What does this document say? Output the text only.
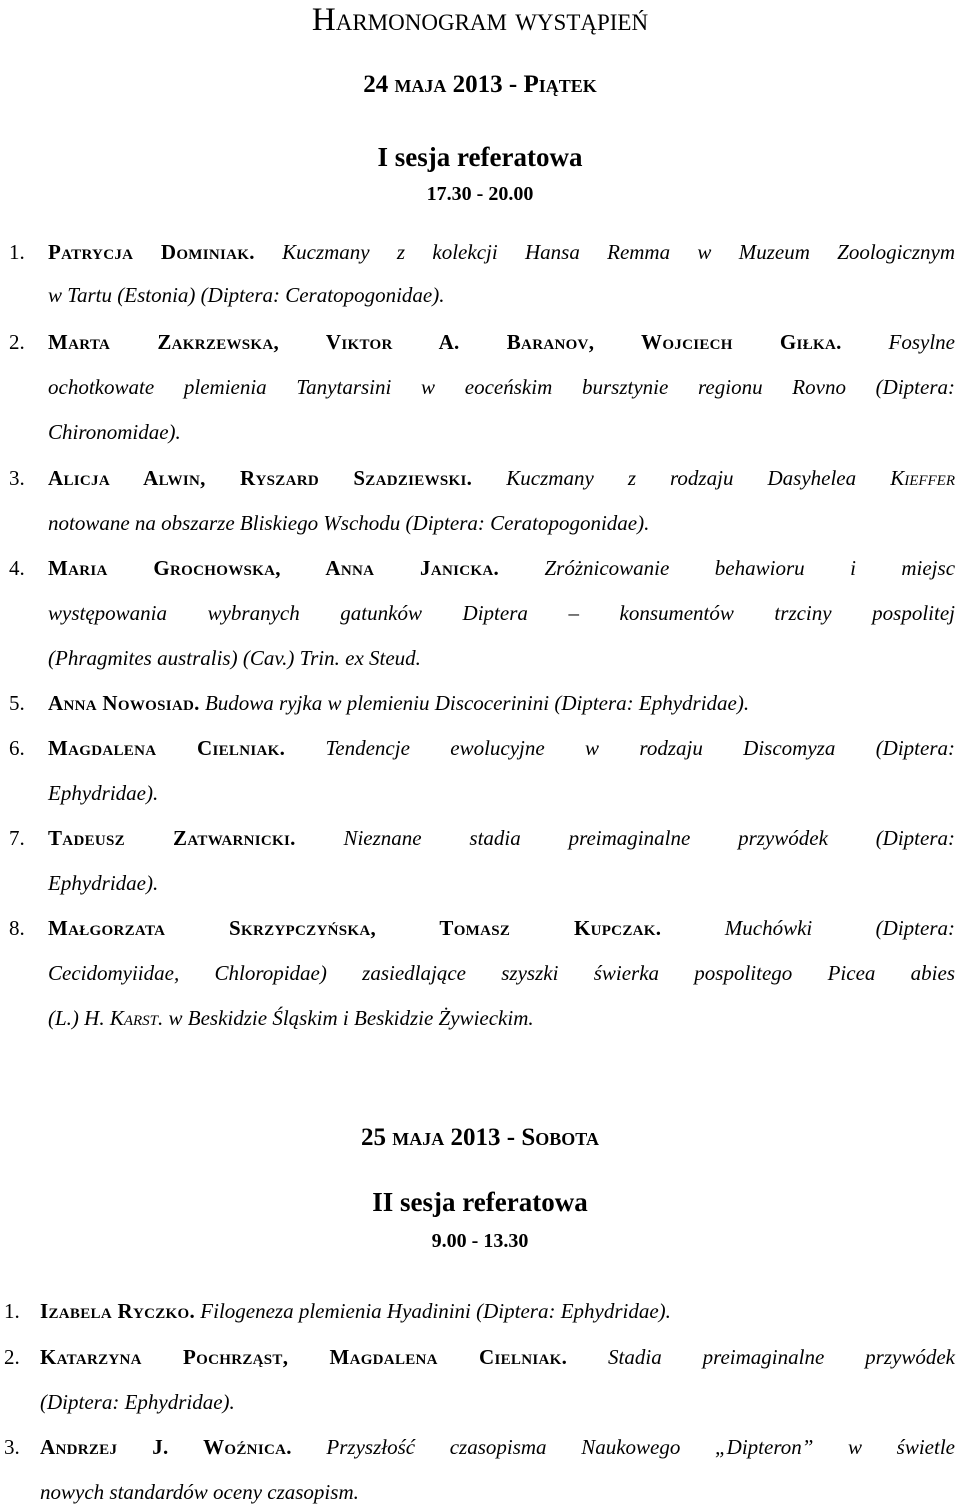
Harmonogram wystąpień
24 maja 2013 - Piątek
I sesja referatowa
17.30 - 20.00
1. Patrycja Dominiak. Kuczmany z kolekcji Hansa Remma w Muzeum Zoologicznym
w Tartu (Estonia) (Diptera: Ceratopogonidae).
2. Marta Zakrzewska, Viktor A. Baranov, Wojciech Giłka. Fosylne
ochotkowate plemienia Tanytarsini w eoceńskim bursztynie regionu Rovno (Diptera:
Chironomidae).
3. Alicja Alwin, Ryszard Szadziewski. Kuczmany z rodzaju Dasyhelea Kieffer
notowane na obszarze Bliskiego Wschodu (Diptera: Ceratopogonidae).
4. Maria Grochowska, Anna Janicka. Zróżnicowanie behawioru i miejsc
występowania wybranych gatunków Diptera – konsumentów trzciny pospolitej
(Phragmites australis) (Cav.) Trin. ex Steud.
5. Anna Nowosiad. Budowa ryjka w plemieniu Discocerinini (Diptera: Ephydridae).
6. Magdalena Cielniak. Tendencje ewolucyjne w rodzaju Discomyza (Diptera:
Ephydridae).
7. Tadeusz Zatwarnicki. Nieznane stadia preimaginalne przywódek (Diptera:
Ephydridae).
8. Małgorzata Skrzypczyńska, Tomasz Kupczak.	Muchówki (Diptera:
Cecidomyiidae, Chloropidae) zasiedlające szyszki świerka pospolitego Picea abies
(L.) H. Karst. w Beskidzie Śląskim i Beskidzie Żywieckim.
25 maja 2013 - Sobota
II sesja referatowa
9.00 - 13.30
1. Izabela Ryczko. Filogeneza plemienia Hyadinini (Diptera: Ephydridae).
2. Katarzyna Pochrząst, Magdalena Cielniak. Stadia preimaginalne przywódek
(Diptera: Ephydridae).
3. Andrzej J. Woźnica. Przyszłość czasopisma Naukowego „Dipteron” w świetle
nowych standardów oceny czasopism.
